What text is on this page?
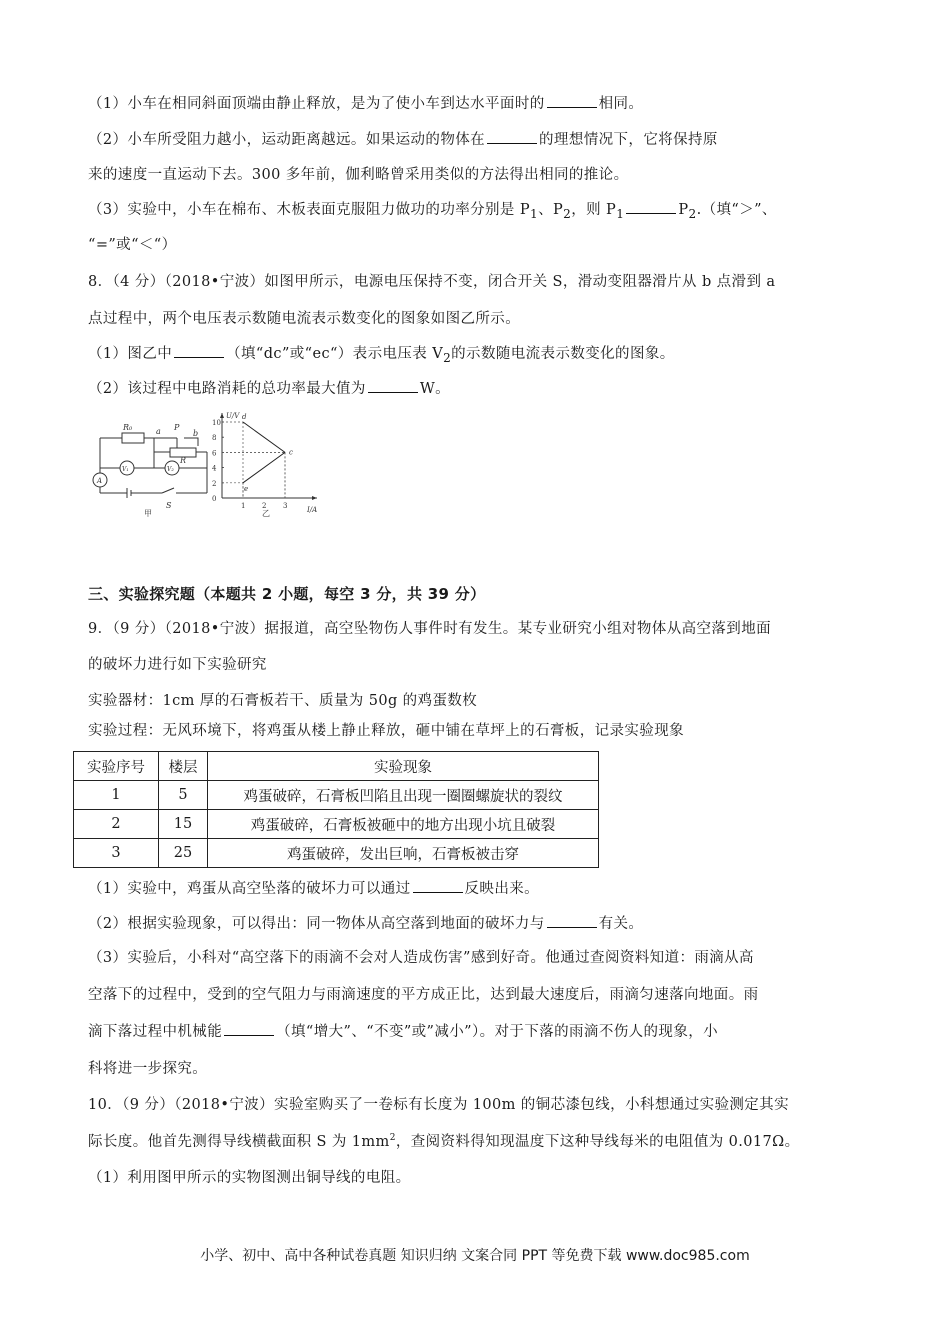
（1）小车在相同斜面顶端由静止释放，是为了使小车到达水平面时的	相同。
（2）小车所受阻力越小，运动距离越远。如果运动的物体在	的理想情况下，它将保持原
来的速度一直运动下去。300 多年前，伽利略曾采用类似的方法得出相同的推论。
（3）实验中，小车在棉布、木板表面克服阻力做功的功率分别是 $P_1$、$P_2$，则 $P_1$	$P_2$.（填“＞”、
“=”或“＜“）
8．（4 分）（2018•宁波）如图甲所示，电源电压保持不变，闭合开关 S，滑动变阻器滑片从 b 点滑到 a
点过程中，两个电压表示数随电流表示数变化的图象如图乙所示。
（1）图乙中	（填“dc”或“ec“）表示电压表 $V_2$的示数随电流表示数变化的图象。
（2）该过程中电路消耗的总功率最大值为	W。
R₀	a P
b
R
V₁	V₂
A
S
甲
U/V
I/A
乙
10
8
6
4
2
0
1 2 3
d
c
e
三、实验探究题（本题共 2 小题，每空 3 分，共 39 分）
9．（9 分）（2018•宁波）据报道，高空坠物伤人事件时有发生。某专业研究小组对物体从高空落到地面
的破坏力进行如下实验研究
实验器材：1cm 厚的石膏板若干、质量为 50g 的鸡蛋数枚
实验过程：无风环境下，将鸡蛋从楼上静止释放，砸中铺在草坪上的石膏板，记录实验现象
实验序号	楼层	实验现象
1	5	鸡蛋破碎，石膏板凹陷且出现一圈圈螺旋状的裂纹
2	15	鸡蛋破碎，石膏板被砸中的地方出现小坑且破裂
3	25	鸡蛋破碎，发出巨响，石膏板被击穿
（1）实验中，鸡蛋从高空坠落的破坏力可以通过	反映出来。
（2）根据实验现象，可以得出：同一物体从高空落到地面的破坏力与	有关。
（3）实验后，小科对“高空落下的雨滴不会对人造成伤害”感到好奇。他通过查阅资料知道：雨滴从高
空落下的过程中，受到的空气阻力与雨滴速度的平方成正比，达到最大速度后，雨滴匀速落向地面。雨
滴下落过程中机械能	（填“增大”、“不变”或”减小”）。对于下落的雨滴不伤人的现象，小
科将进一步探究。
10．（9 分）（2018•宁波）实验室购买了一卷标有长度为 100m 的铜芯漆包线，小科想通过实验测定其实
际长度。他首先测得导线横截面积 S 为 $1mm^2$，查阅资料得知现温度下这种导线每米的电阻值为 0.017Ω。
（1）利用图甲所示的实物图测出铜导线的电阻。
小学、初中、高中各种试卷真题 知识归纳 文案合同 PPT 等免费下载 www.doc985.com
